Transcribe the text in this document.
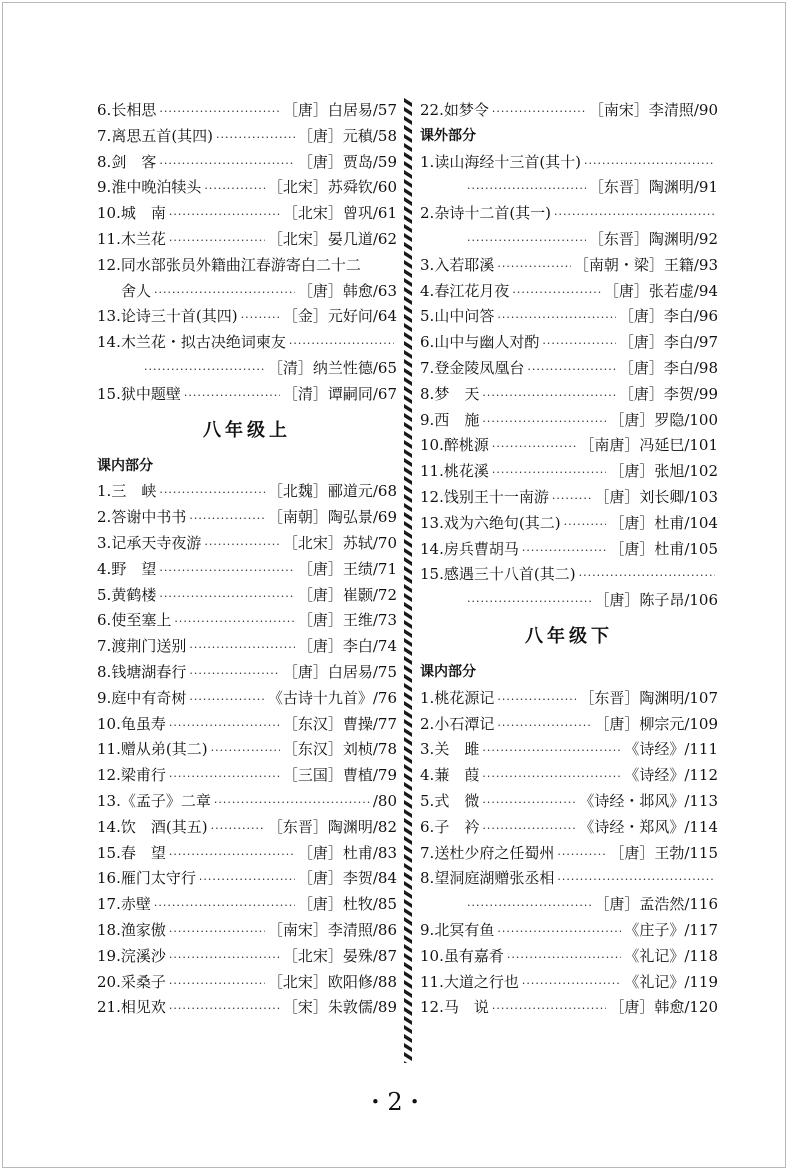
6. 长相思 ·····	［唐］白居易/57
7. 离思五首(其四) ·····	［唐］元稹/58
8. 剑　客 ·····	［唐］贾岛/59
9. 淮中晚泊犊头 ·····	［北宋］苏舜钦/60
10. 城　南 ·····	［北宋］曾巩/61
11. 木兰花 ·····	［北宋］晏几道/62
12. 同水部张员外籍曲江春游寄白二十二
舍人 ·····	［唐］韩愈/63
13. 论诗三十首(其四) ·····	［金］元好问/64
14. 木兰花・拟古决绝词柬友
·····
·····
［清］纳兰性德/65
15. 狱中题壁 ·····	［清］谭嗣同/67
八年级上
课内部分
1. 三　峡 ·····	［北魏］郦道元/68
2. 答谢中书书 ·····	［南朝］陶弘景/69
3. 记承天寺夜游 ·····	［北宋］苏轼/70
4. 野　望 ·····	［唐］王绩/71
5. 黄鹤楼 ·····	［唐］崔颢/72
6. 使至塞上 ·····	［唐］王维/73
7. 渡荆门送别 ·····	［唐］李白/74
8. 钱塘湖春行 ·····	［唐］白居易/75
9. 庭中有奇树 ·····	《古诗十九首》/76
10. 龟虽寿 ·····	［东汉］曹操/77
11. 赠从弟(其二) ·····	［东汉］刘桢/78
12. 梁甫行 ·····	［三国］曹植/79
13. 《孟子》二章 ·····	/80
14. 饮　酒(其五) ·····	［东晋］陶渊明/82
15. 春　望 ·····	［唐］杜甫/83
16. 雁门太守行 ·····	［唐］李贺/84
17. 赤壁 ·····	［唐］杜牧/85
18. 渔家傲 ·····	［南宋］李清照/86
19. 浣溪沙 ·····	［北宋］晏殊/87
20. 采桑子 ·····	［北宋］欧阳修/88
21. 相见欢 ·····	［宋］朱敦儒/89
22. 如梦令 ·····	［南宋］李清照/90
课外部分
1. 读山海经十三首(其十)
·····
·····
［东晋］陶渊明/91
2. 杂诗十二首(其一)
·····
·····
［东晋］陶渊明/92
3. 入若耶溪 ·····	［南朝・梁］王籍/93
4. 春江花月夜 ·····	［唐］张若虚/94
5. 山中问答 ·····	［唐］李白/96
6. 山中与幽人对酌 ·····	［唐］李白/97
7. 登金陵凤凰台 ·····	［唐］李白/98
8. 梦　天 ·····	［唐］李贺/99
9. 西　施 ·····	［唐］罗隐/100
10. 醉桃源 ·····	［南唐］冯延巳/101
11. 桃花溪 ·····	［唐］张旭/102
12. 饯别王十一南游 ·····	［唐］刘长卿/103
13. 戏为六绝句(其二) ·····	［唐］杜甫/104
14. 房兵曹胡马 ·····	［唐］杜甫/105
15. 感遇三十八首(其二)
·····
·····
［唐］陈子昂/106
八年级下
课内部分
1. 桃花源记 ·····	［东晋］陶渊明/107
2. 小石潭记 ·····	［唐］柳宗元/109
3. 关　雎 ·····	《诗经》/111
4. 蒹　葭 ·····	《诗经》/112
5. 式　微 ·····	《诗经・邶风》/113
6. 子　衿 ·····	《诗经・郑风》/114
7. 送杜少府之任蜀州 ·····	［唐］王勃/115
8. 望洞庭湖赠张丞相
·····
·····
［唐］孟浩然/116
9. 北冥有鱼 ·····	《庄子》/117
10. 虽有嘉肴 ·····	《礼记》/118
11. 大道之行也 ·····	《礼记》/119
12. 马　说 ·····	［唐］韩愈/120
・2・
